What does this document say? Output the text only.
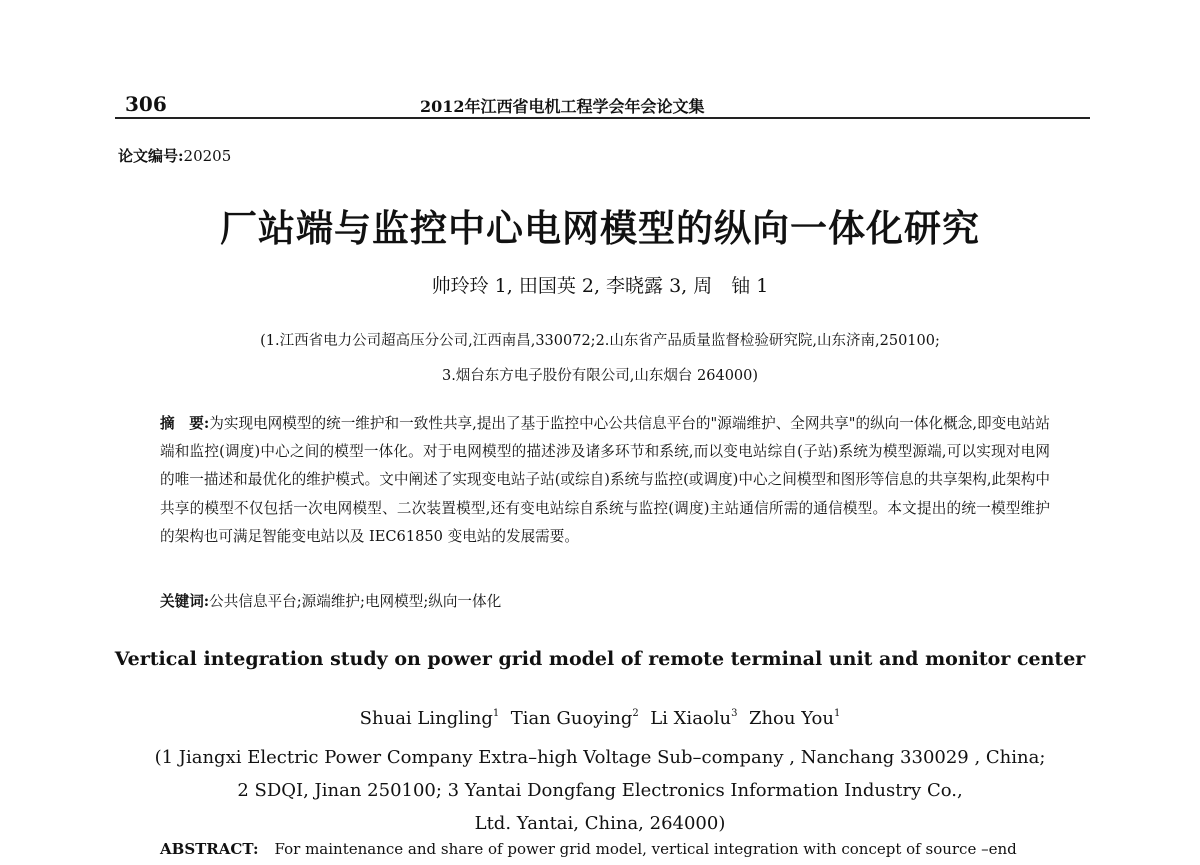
306	2012年江西省电机工程学会年会论文集
论文编号:20205
厂站端与监控中心电网模型的纵向一体化研究
帅玲玲 1, 田国英 2, 李晓露 3, 周　铀 1
(1.江西省电力公司超高压分公司,江西南昌,330072;2.山东省产品质量监督检验研究院,山东济南,250100;
3.烟台东方电子股份有限公司,山东烟台 264000)
摘　要:为实现电网模型的统一维护和一致性共享,提出了基于监控中心公共信息平台的"源端维护、全网共享"的纵向一体化概念,即变电站站端和监控(调度)中心之间的模型一体化。对于电网模型的描述涉及诸多环节和系统,而以变电站综自(子站)系统为模型源端,可以实现对电网的唯一描述和最优化的维护模式。文中阐述了实现变电站子站(或综自)系统与监控(或调度)中心之间模型和图形等信息的共享架构,此架构中共享的模型不仅包括一次电网模型、二次装置模型,还有变电站综自系统与监控(调度)主站通信所需的通信模型。本文提出的统一模型维护的架构也可满足智能变电站以及 IEC61850 变电站的发展需要。
关键词:公共信息平台;源端维护;电网模型;纵向一体化
Vertical integration study on power grid model of remote terminal unit and monitor center
Shuai Lingling$^1$ Tian Guoying$^2$ Li Xiaolu$^3$ Zhou You$^1$
(1 Jiangxi Electric Power Company Extra–high Voltage Sub–company , Nanchang 330029 , China;
2 SDQI, Jinan 250100; 3 Yantai Dongfang Electronics Information Industry Co.,
Ltd. Yantai, China, 264000)
ABSTRACT: For maintenance and share of power grid model, vertical integration with concept of source –end
